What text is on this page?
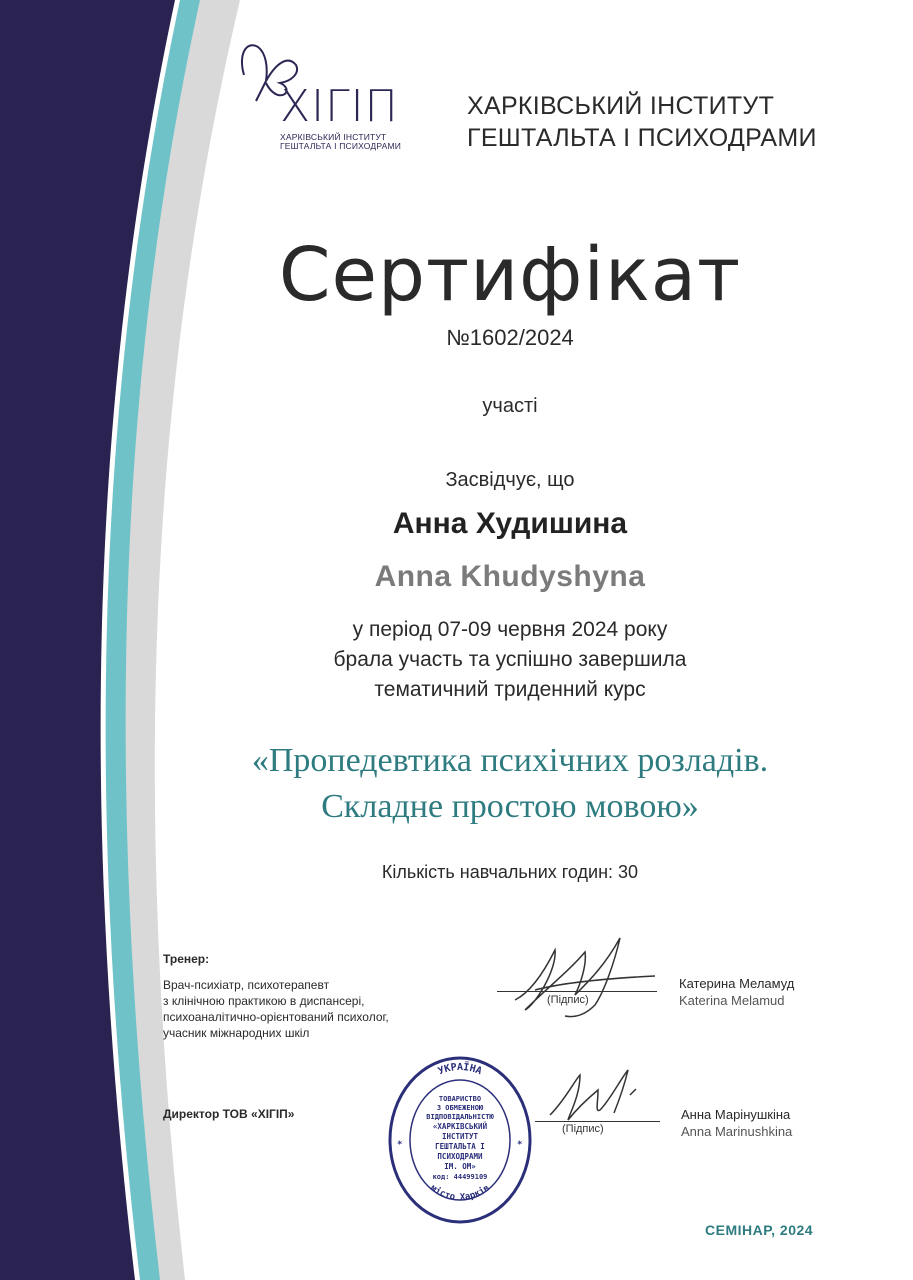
ХІГІП
ХАРКІВСЬКИЙ ІНСТИТУТ
ГЕШТАЛЬТА І ПСИХОДРАМИ
ХАРКІВСЬКИЙ ІНСТИТУТ
ГЕШТАЛЬТА І ПСИХОДРАМИ
Сертифікат
№1602/2024
участі
Засвідчує, що
Анна Худишина
Anna Khudyshyna
у період 07-09 червня 2024 року
брала участь та успішно завершила
тематичний триденний курс
«Пропедевтика психічних розладів.
Складне простою мовою»
Кількість навчальних годин: 30
Тренер:
Врач-психіатр, психотерапевт
з клінічною практикою в диспансері,
психоаналітично-орієнтований психолог,
учасник міжнародних шкіл
(Підпис)
Катерина Меламуд
Katerina Melamud
Директор ТОВ «ХІГІП»
УКРАЇНА
місто Харків
ТОВАРИСТВО
З ОБМЕЖЕНОЮ
ВІДПОВІДАЛЬНІСТЮ
«ХАРКІВСЬКИЙ
ІНСТИТУТ
ГЕШТАЛЬТА І
ПСИХОДРАМИ
ІМ. ОМ»
код: 44499109
*	*
(Підпис)
Анна Марінушкіна
Anna Marinushkina
СЕМІНАР, 2024
